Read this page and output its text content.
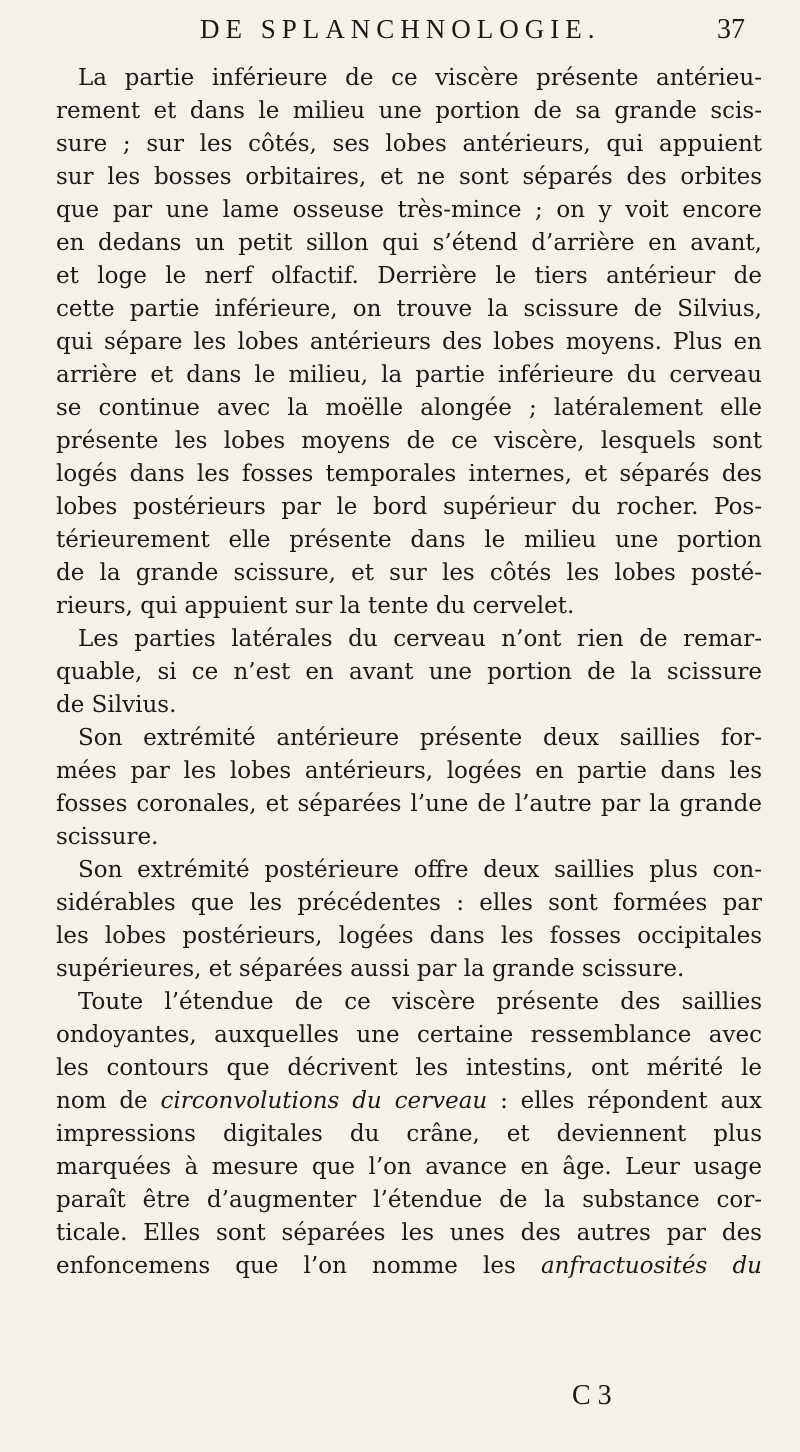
DE SPLANCHNOLOGIE.	37
La partie inférieure de ce viscère présente antérieu-
rement et dans le milieu une portion de sa grande scis-
sure ; sur les côtés, ses lobes antérieurs, qui appuient
sur les bosses orbitaires, et ne sont séparés des orbites
que par une lame osseuse très-mince ; on y voit encore
en dedans un petit sillon qui s’étend d’arrière en avant,
et loge le nerf olfactif. Derrière le tiers antérieur de
cette partie inférieure, on trouve la scissure de Silvius,
qui sépare les lobes antérieurs des lobes moyens. Plus en
arrière et dans le milieu, la partie inférieure du cerveau
se continue avec la moëlle alongée ; latéralement elle
présente les lobes moyens de ce viscère, lesquels sont
logés dans les fosses temporales internes, et séparés des
lobes postérieurs par le bord supérieur du rocher. Pos-
térieurement elle présente dans le milieu une portion
de la grande scissure, et sur les côtés les lobes posté-
rieurs, qui appuient sur la tente du cervelet.
Les parties latérales du cerveau n’ont rien de remar-
quable, si ce n’est en avant une portion de la scissure
de Silvius.
Son extrémité antérieure présente deux saillies for-
mées par les lobes antérieurs, logées en partie dans les
fosses coronales, et séparées l’une de l’autre par la grande
scissure.
Son extrémité postérieure offre deux saillies plus con-
sidérables que les précédentes : elles sont formées par
les lobes postérieurs, logées dans les fosses occipitales
supérieures, et séparées aussi par la grande scissure.
Toute l’étendue de ce viscère présente des saillies
ondoyantes, auxquelles une certaine ressemblance avec
les contours que décrivent les intestins, ont mérité le
nom de circonvolutions du cerveau : elles répondent aux
impressions digitales du crâne, et deviennent plus
marquées à mesure que l’on avance en âge. Leur usage
paraît être d’augmenter l’étendue de la substance cor-
ticale. Elles sont séparées les unes des autres par des
enfoncemens que l’on nomme les anfractuosités du
C 3
